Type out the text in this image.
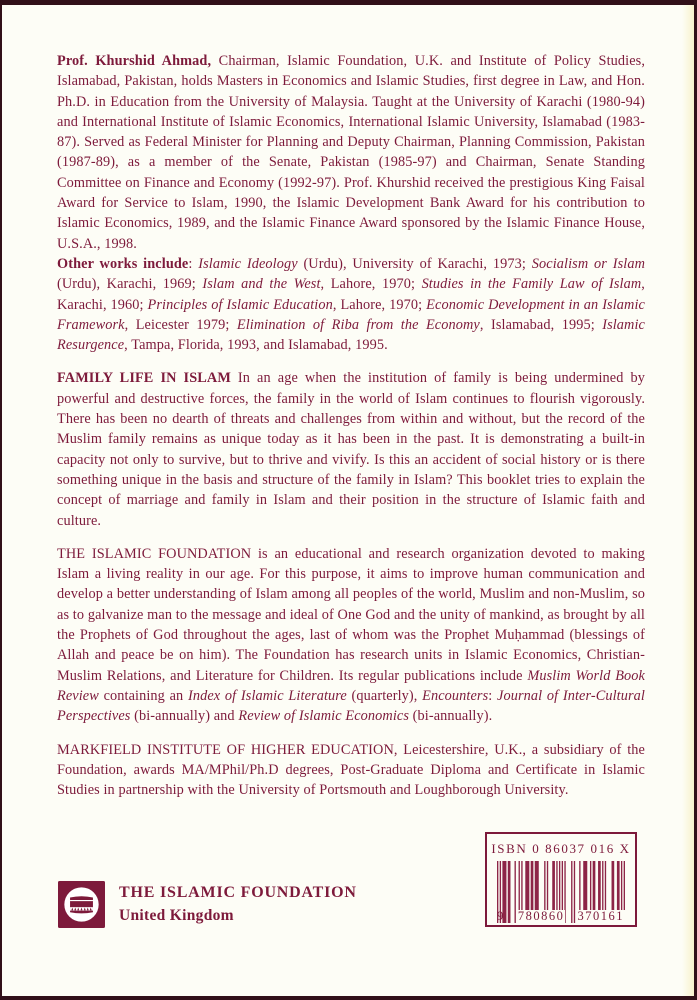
Prof. Khurshid Ahmad, Chairman, Islamic Foundation, U.K. and Institute of Policy Studies, Islamabad, Pakistan, holds Masters in Economics and Islamic Studies, first degree in Law, and Hon. Ph.D. in Education from the University of Malaysia. Taught at the University of Karachi (1980-94) and International Institute of Islamic Economics, International Islamic University, Islamabad (1983-87). Served as Federal Minister for Planning and Deputy Chairman, Planning Commission, Pakistan (1987-89), as a member of the Senate, Pakistan (1985-97) and Chairman, Senate Standing Committee on Finance and Economy (1992-97). Prof. Khurshid received the prestigious King Faisal Award for Service to Islam, 1990, the Islamic Development Bank Award for his contribution to Islamic Economics, 1989, and the Islamic Finance Award sponsored by the Islamic Finance House, U.S.A., 1998.

Other works include: Islamic Ideology (Urdu), University of Karachi, 1973; Socialism or Islam (Urdu), Karachi, 1969; Islam and the West, Lahore, 1970; Studies in the Family Law of Islam, Karachi, 1960; Principles of Islamic Education, Lahore, 1970; Economic Development in an Islamic Framework, Leicester 1979; Elimination of Riba from the Economy, Islamabad, 1995; Islamic Resurgence, Tampa, Florida, 1993, and Islamabad, 1995.

FAMILY LIFE IN ISLAM In an age when the institution of family is being undermined by powerful and destructive forces, the family in the world of Islam continues to flourish vigorously. There has been no dearth of threats and challenges from within and without, but the record of the Muslim family remains as unique today as it has been in the past. It is demonstrating a built-in capacity not only to survive, but to thrive and vivify. Is this an accident of social history or is there something unique in the basis and structure of the family in Islam? This booklet tries to explain the concept of marriage and family in Islam and their position in the structure of Islamic faith and culture.

THE ISLAMIC FOUNDATION is an educational and research organization devoted to making Islam a living reality in our age. For this purpose, it aims to improve human communication and develop a better understanding of Islam among all peoples of the world, Muslim and non-Muslim, so as to galvanize man to the message and ideal of One God and the unity of mankind, as brought by all the Prophets of God throughout the ages, last of whom was the Prophet Muḥammad (blessings of Allah and peace be on him). The Foundation has research units in Islamic Economics, Christian-Muslim Relations, and Literature for Children. Its regular publications include Muslim World Book Review containing an Index of Islamic Literature (quarterly), Encounters: Journal of Inter-Cultural Perspectives (bi-annually) and Review of Islamic Economics (bi-annually).

MARKFIELD INSTITUTE OF HIGHER EDUCATION, Leicestershire, U.K., a subsidiary of the Foundation, awards MA/MPhil/Ph.D degrees, Post-Graduate Diploma and Certificate in Islamic Studies in partnership with the University of Portsmouth and Loughborough University.

ISBN 0 86037 016 X
9 780860 370161
THE ISLAMIC FOUNDATION
United Kingdom
